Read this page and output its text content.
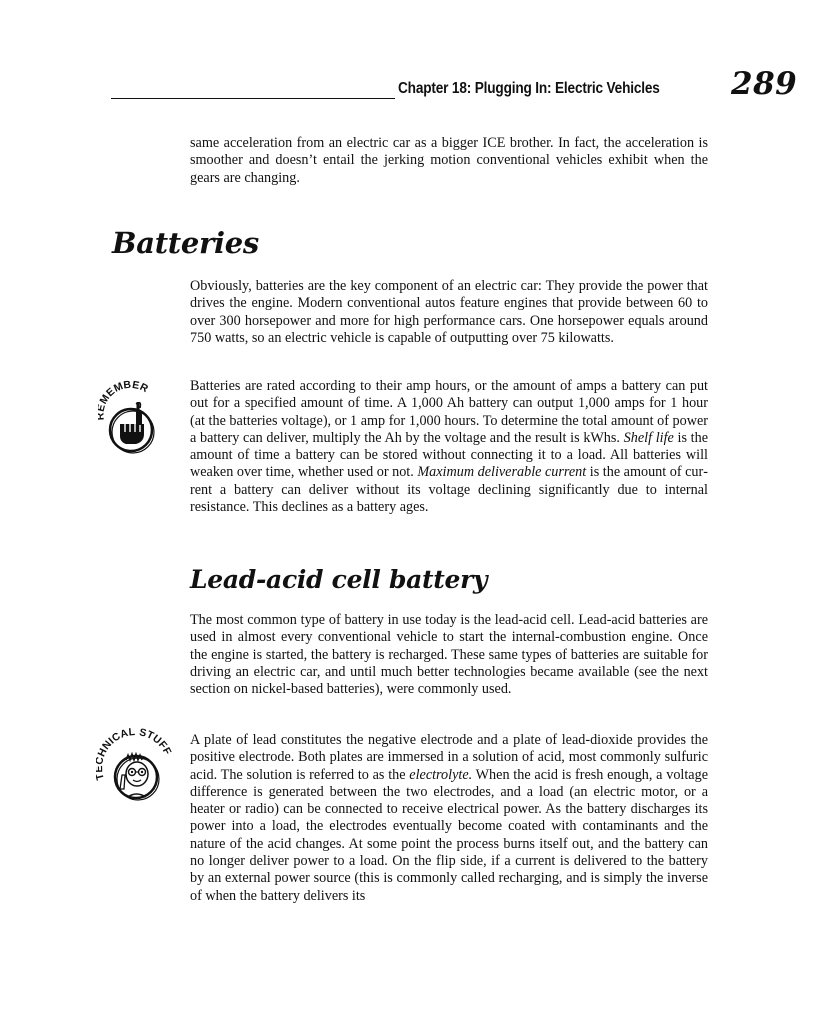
Chapter 18: Plugging In: Electric Vehicles 289

same acceleration from an electric car as a bigger ICE brother. In fact, the acceleration is smoother and doesn’t entail the jerking motion conventional vehicles exhibit when the gears are changing.

Batteries

Obviously, batteries are the key component of an electric car: They provide the power that drives the engine. Modern conventional autos feature engines that provide between 60 to over 300 horsepower and more for high performance cars. One horsepower equals around 750 watts, so an electric vehicle is capable of outputting over 75 kilowatts.

MEMBER	Batteries are rated according to their amp hours, or the amount of amps a battery can put out for a specified amount of time. A 1,000 Ah battery can output 1,000 amps for 1 hour (at the batteries voltage), or 1 amp for 1,000 hours. To determine the total amount of power a battery can deliver, multiply the Ah by the voltage and the result is kWhs. Shelf life is the amount of time a battery can be stored without connecting it to a load. All batteries will weaken over time, whether used or not. Maximum deliverable current is the amount of current a battery can deliver without its voltage declining significantly due to internal resistance. This declines as a battery ages.

Lead-acid cell battery

The most common type of battery in use today is the lead-acid cell. Lead-acid batteries are used in almost every conventional vehicle to start the internal-combustion engine. Once the engine is started, the battery is recharged. These same types of batteries are suitable for driving an electric car, and until much better technologies became available (see the next section on nickel-based batteries), were commonly used.

HNICAL STUFF

A plate of lead constitutes the negative electrode and a plate of lead-dioxide provides the positive electrode. Both plates are immersed in a solution of acid, most commonly sulfuric acid. The solution is referred to as the electrolyte. When the acid is fresh enough, a voltage difference is generated between the two electrodes, and a load (an electric motor, or a heater or radio) can be connected to receive electrical power. As the battery discharges its power into a load, the electrodes eventually become coated with contaminants and the nature of the acid changes. At some point the process burns itself out, and the battery can no longer deliver power to a load. On the flip side, if a current is delivered to the battery by an external power source (this is commonly called recharging, and is simply the inverse of when the battery delivers its
